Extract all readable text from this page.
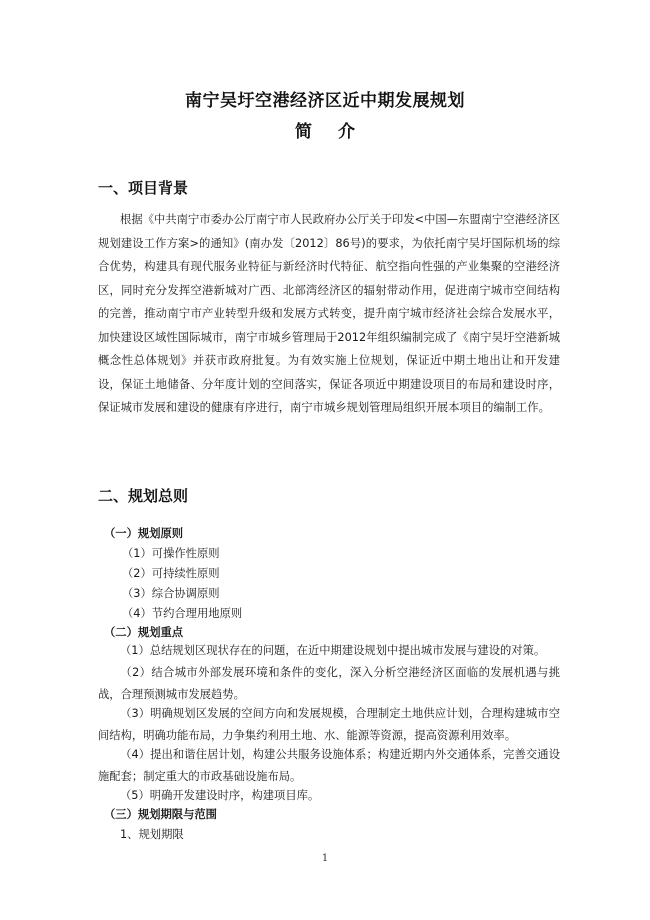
南宁吴圩空港经济区近中期发展规划
简 介
一、项目背景
根据《中共南宁市委办公厅南宁市人民政府办公厅关于印发<中国—东盟南宁空港经济区规划建设工作方案>的通知》(南办发〔2012〕86号)的要求，为依托南宁吴圩国际机场的综合优势，构建具有现代服务业特征与新经济时代特征、航空指向性强的产业集聚的空港经济区，同时充分发挥空港新城对广西、北部湾经济区的辐射带动作用，促进南宁城市空间结构的完善，推动南宁市产业转型升级和发展方式转变，提升南宁城市经济社会综合发展水平，加快建设区域性国际城市，南宁市城乡管理局于2012年组织编制完成了《南宁吴圩空港新城概念性总体规划》并获市政府批复。为有效实施上位规划，保证近中期土地出让和开发建设，保证土地储备、分年度计划的空间落实，保证各项近中期建设项目的布局和建设时序，保证城市发展和建设的健康有序进行，南宁市城乡规划管理局组织开展本项目的编制工作。
二、规划总则
（一）规划原则
（1）可操作性原则
（2）可持续性原则
（3）综合协调原则
（4）节约合理用地原则
（二）规划重点
（1）总结规划区现状存在的问题，在近中期建设规划中提出城市发展与建设的对策。
（2）结合城市外部发展环境和条件的变化，深入分析空港经济区面临的发展机遇与挑战，合理预测城市发展趋势。
（3）明确规划区发展的空间方向和发展规模，合理制定土地供应计划，合理构建城市空间结构，明确功能布局，力争集约利用土地、水、能源等资源，提高资源利用效率。
（4）提出和谐住居计划，构建公共服务设施体系；构建近期内外交通体系，完善交通设施配套；制定重大的市政基础设施布局。
（5）明确开发建设时序，构建项目库。
（三）规划期限与范围
1、规划期限
1
